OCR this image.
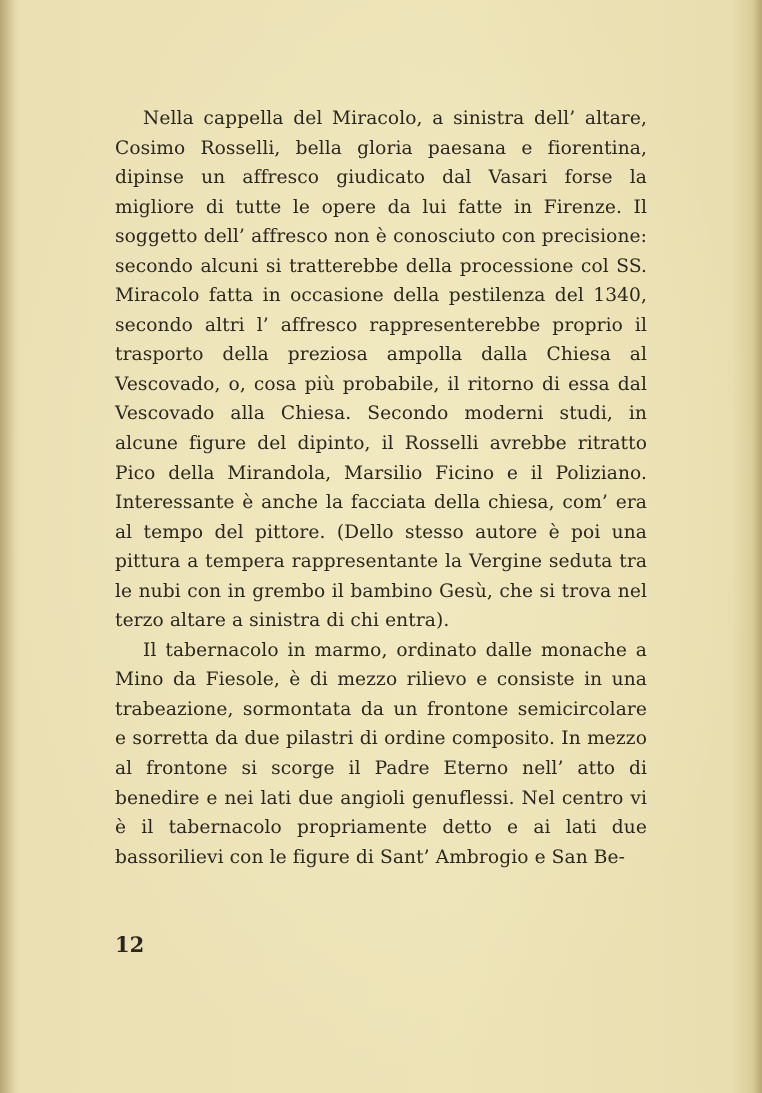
Nella cappella del Miracolo, a sinistra dell’ altare, Cosimo Rosselli, bella gloria paesana e fiorentina, dipinse un affresco giudicato dal Vasari forse la migliore di tutte le opere da lui fatte in Firenze. Il soggetto dell’ affresco non è conosciuto con precisione: secondo alcuni si tratterebbe della processione col SS. Miracolo fatta in occasione della pestilenza del 1340, secondo altri l’ affresco rappresenterebbe proprio il trasporto della preziosa ampolla dalla Chiesa al Vescovado, o, cosa più probabile, il ritorno di essa dal Vescovado alla Chiesa. Secondo moderni studi, in alcune figure del dipinto, il Rosselli avrebbe ritratto Pico della Mirandola, Marsilio Ficino e il Poliziano. Interessante è anche la facciata della chiesa, com’ era al tempo del pittore. (Dello stesso autore è poi una pittura a tempera rappresentante la Vergine seduta tra le nubi con in grembo il bambino Gesù, che si trova nel terzo altare a sinistra di chi entra).

Il tabernacolo in marmo, ordinato dalle monache a Mino da Fiesole, è di mezzo rilievo e consiste in una trabeazione, sormontata da un frontone semicircolare e sorretta da due pilastri di ordine composito. In mezzo al frontone si scorge il Padre Eterno nell’ atto di benedire e nei lati due angioli genuflessi. Nel centro vi è il tabernacolo propriamente detto e ai lati due bassorilievi con le figure di Sant’ Ambrogio e San Be-

12
